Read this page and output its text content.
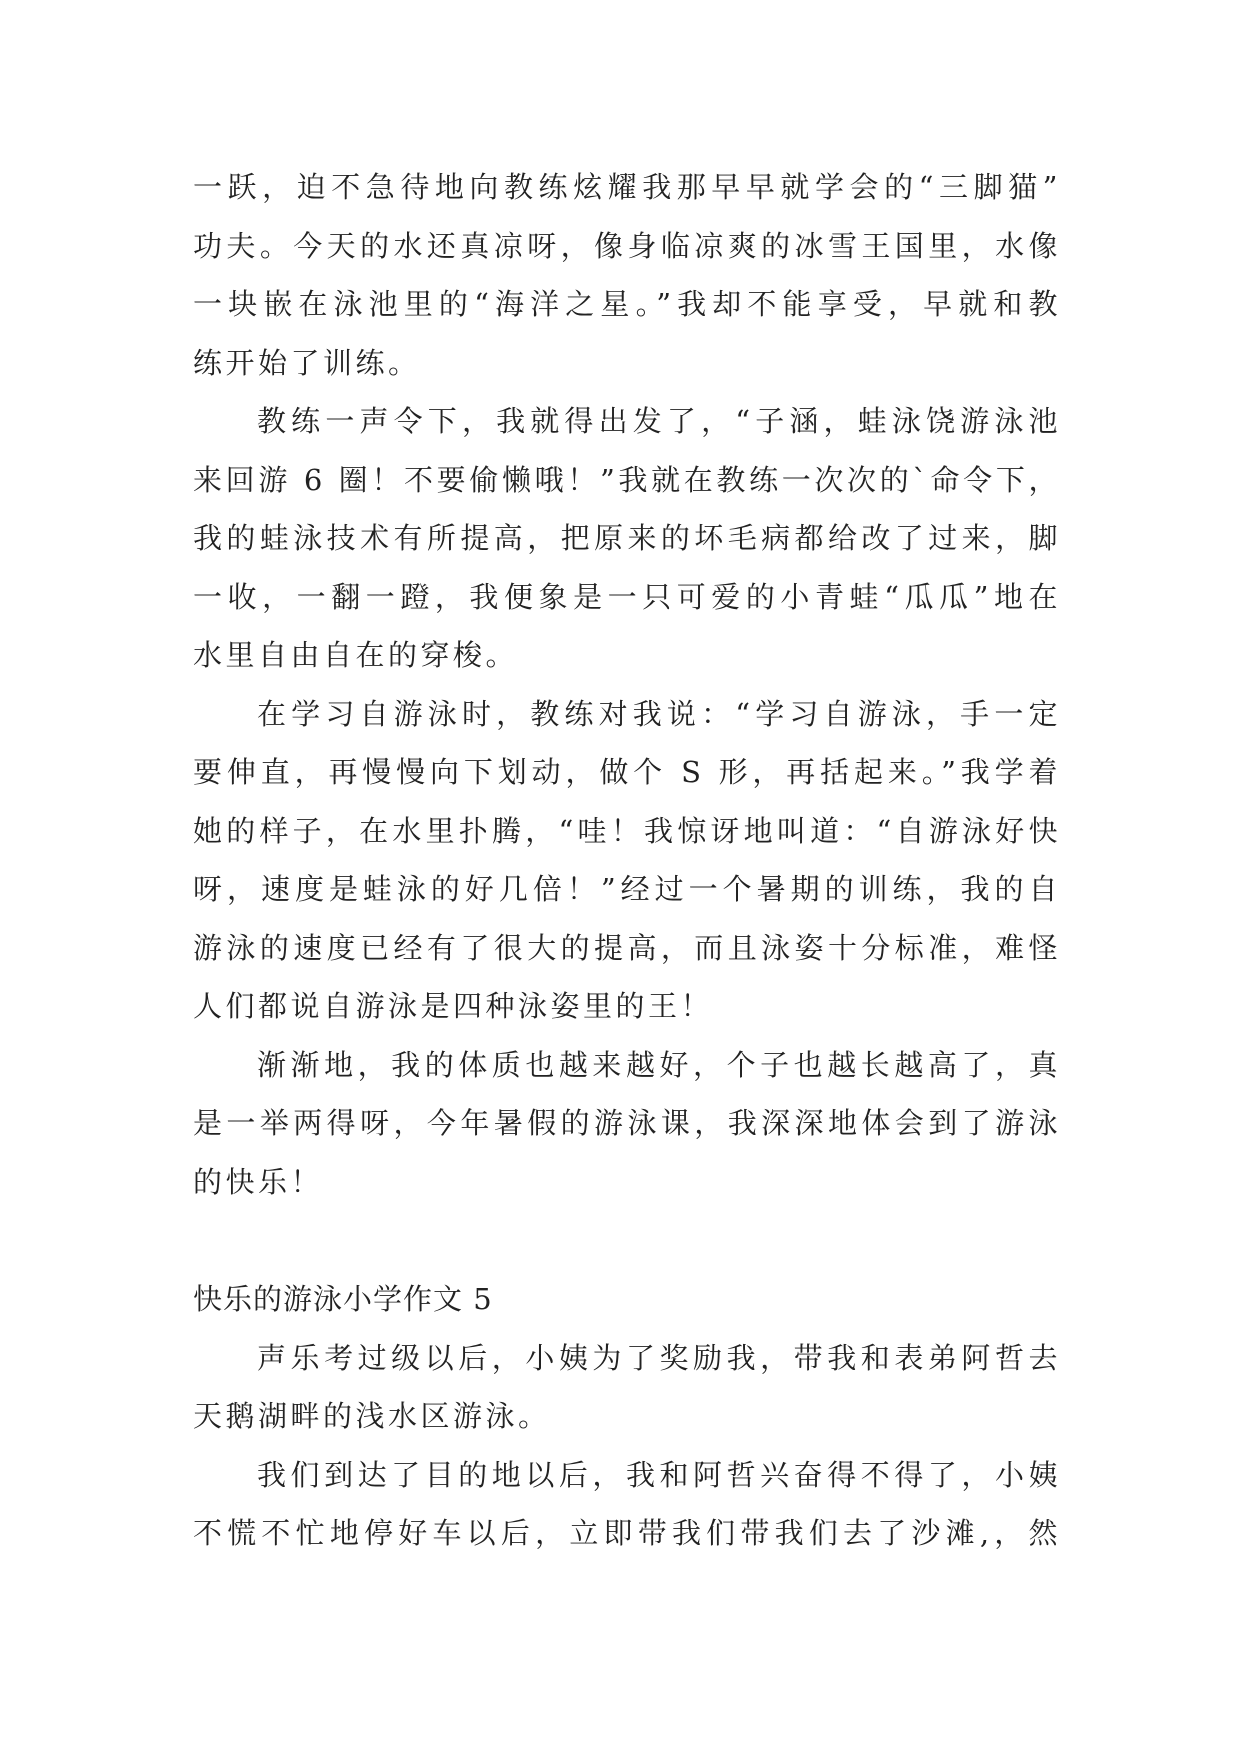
一跃，迫不急待地向教练炫耀我那早早就学会的“三脚猫”
功夫。今天的水还真凉呀，像身临凉爽的冰雪王国里，水像
一块嵌在泳池里的“海洋之星。”我却不能享受，早就和教
练开始了训练。
教练一声令下，我就得出发了，“子涵，蛙泳饶游泳池
来回游 6 圈！不要偷懒哦！”我就在教练一次次的`命令下，
我的蛙泳技术有所提高，把原来的坏毛病都给改了过来，脚
一收，一翻一蹬，我便象是一只可爱的小青蛙“瓜瓜”地在
水里自由自在的穿梭。
在学习自游泳时，教练对我说：“学习自游泳，手一定
要伸直，再慢慢向下划动，做个 S 形，再括起来。”我学着
她的样子，在水里扑腾，“哇！我惊讶地叫道：“自游泳好快
呀，速度是蛙泳的好几倍！”经过一个暑期的训练，我的自
游泳的速度已经有了很大的提高，而且泳姿十分标准，难怪
人们都说自游泳是四种泳姿里的王！
渐渐地，我的体质也越来越好，个子也越长越高了，真
是一举两得呀，今年暑假的游泳课，我深深地体会到了游泳
的快乐！
快乐的游泳小学作文 5
声乐考过级以后，小姨为了奖励我，带我和表弟阿哲去
天鹅湖畔的浅水区游泳。
我们到达了目的地以后，我和阿哲兴奋得不得了，小姨
不慌不忙地停好车以后，立即带我们带我们去了沙滩,，然
